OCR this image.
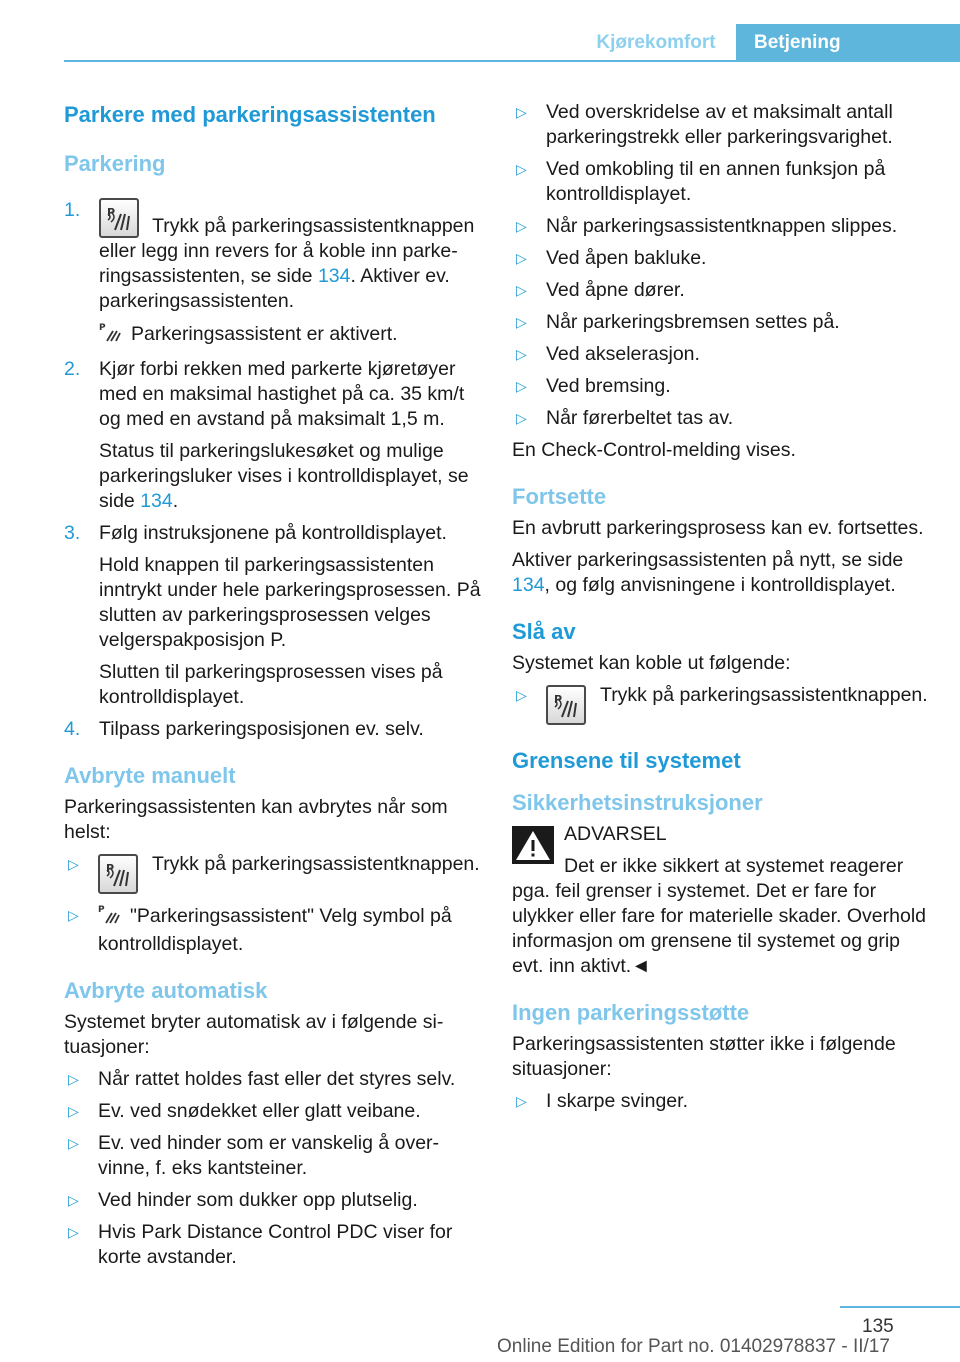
Kjørekomfort	Betjening
Parkere med parkeringsassistenten
Parkering
1. P
Trykk på parkeringsassistentknappen eller legg inn revers for å koble inn parkeringsassistenten, se side 134. Aktiver ev. parkeringsassistenten.
P Parkeringsassistent er aktivert.
2. Kjør forbi rekken med parkerte kjøretøyer med en maksimal hastighet på ca. 35 km/t og med en avstand på maksimalt 1,5 m.
Status til parkeringslukesøket og mulige parkeringsluker vises i kontrolldisplayet, se side 134.
3. Følg instruksjonene på kontrolldisplayet.
Hold knappen til parkeringsassistenten inntrykt under hele parkeringsprosessen. På slutten av parkeringsprosessen velges velgerspakposisjon P.
Slutten til parkeringsprosessen vises på kontrolldisplayet.
4. Tilpass parkeringsposisjonen ev. selv.
Avbryte manuelt

Parkeringsassistenten kan avbrytes når som helst:

▷ P Trykk på parkeringsassistentknappen.
▷ P "Parkeringsassistent" Velg symbol på kontrolldisplayet.
Avbryte automatisk

Systemet bryter automatisk av i følgende situasjoner:

▷ Når rattet holdes fast eller det styres selv.
▷ Ev. ved snødekket eller glatt veibane.
▷ Ev. ved hinder som er vanskelig å overvinne, f. eks kantsteiner.
▷ Ved hinder som dukker opp plutselig.
▷ Hvis Park Distance Control PDC viser for korte avstander.
▷ Ved overskridelse av et maksimalt antall parkeringstrekk eller parkeringsvarighet.
▷ Ved omkobling til en annen funksjon på kontrolldisplayet.
▷ Når parkeringsassistentknappen slippes.
▷ Ved åpen bakluke.
▷ Ved åpne dører.
▷ Når parkeringsbremsen settes på.
▷ Ved akselerasjon.
▷ Ved bremsing.
▷ Når førerbeltet tas av.

En Check-Control-melding vises.

Fortsette

En avbrutt parkeringsprosess kan ev. fortsettes.

Aktiver parkeringsassistenten på nytt, se side 134, og følg anvisningene i kontrolldisplayet.

Slå av

Systemet kan koble ut følgende:

▷ P Trykk på parkeringsassistentknappen.
Grensene til systemet
Sikkerhetsinstruksjoner
ADVARSEL

Det er ikke sikkert at systemet reagerer pga. feil grenser i systemet. Det er fare for ulykker eller fare for materielle skader. Overhold informasjon om grensene til systemet og grip evt. inn aktivt.◄

Ingen parkeringsstøtte

Parkeringsassistenten støtter ikke i følgende situasjoner:

▷ I skarpe svinger.
135
Online Edition for Part no. 01402978837 - II/17
